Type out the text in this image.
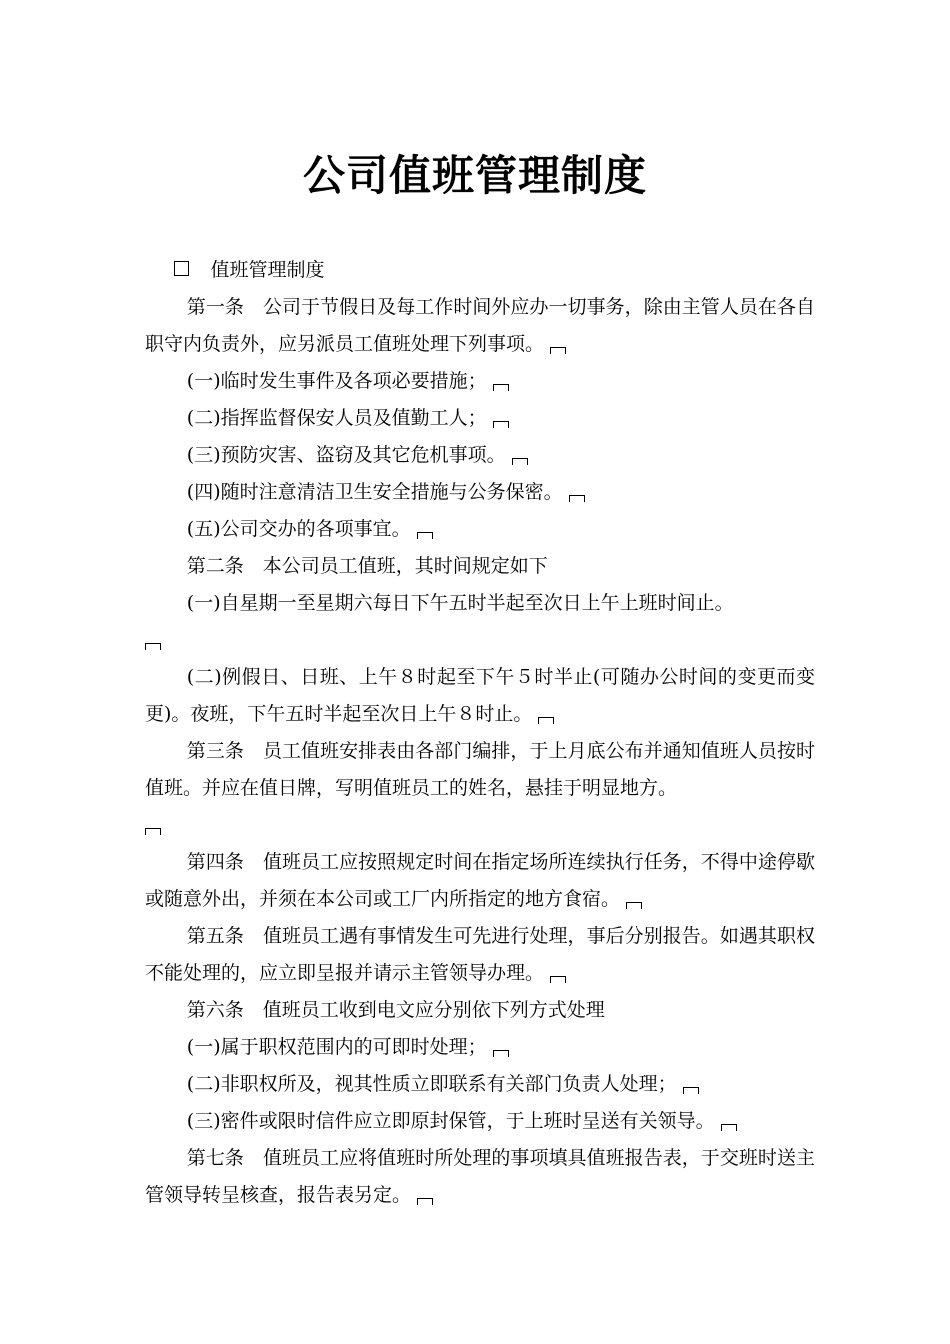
公司值班管理制度

值班管理制度

第一条　公司于节假日及每工作时间外应办一切事务，除由主管人员在各自职守内负责外，应另派员工值班处理下列事项。

(一)临时发生事件及各项必要措施；

(二)指挥监督保安人员及值勤工人；

(三)预防灾害、盗窃及其它危机事项。

(四)随时注意清洁卫生安全措施与公务保密。

(五)公司交办的各项事宜。

第二条　本公司员工值班，其时间规定如下

(一)自星期一至星期六每日下午五时半起至次日上午上班时间止。

(二)例假日、日班、上午８时起至下午５时半止(可随办公时间的变更而变更)。夜班，下午五时半起至次日上午８时止。

第三条　员工值班安排表由各部门编排，于上月底公布并通知值班人员按时值班。并应在值日牌，写明值班员工的姓名，悬挂于明显地方。

第四条　值班员工应按照规定时间在指定场所连续执行任务，不得中途停歇或随意外出，并须在本公司或工厂内所指定的地方食宿。

第五条　值班员工遇有事情发生可先进行处理，事后分别报告。如遇其职权不能处理的，应立即呈报并请示主管领导办理。

第六条　值班员工收到电文应分别依下列方式处理

(一)属于职权范围内的可即时处理；

(二)非职权所及，视其性质立即联系有关部门负责人处理；

(三)密件或限时信件应立即原封保管，于上班时呈送有关领导。

第七条　值班员工应将值班时所处理的事项填具值班报告表，于交班时送主管领导转呈核查，报告表另定。
